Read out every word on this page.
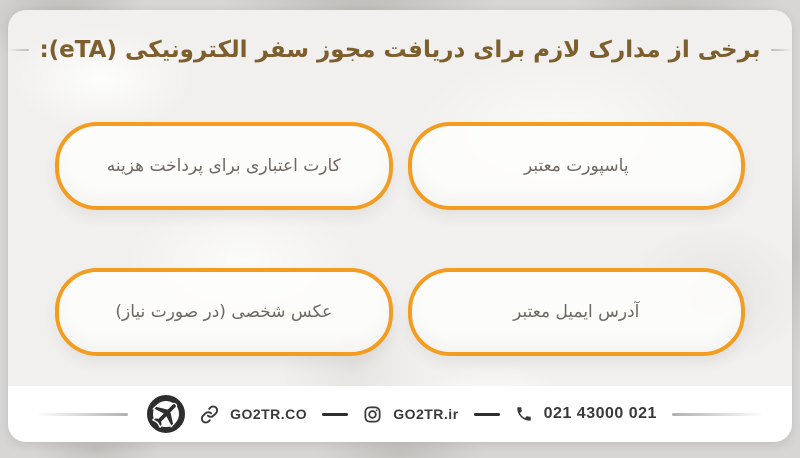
برخی از مدارک لازم برای دریافت مجوز سفر الکترونیکی (eTA):
پاسپورت معتبر
کارت اعتباری برای پرداخت هزینه
آدرس ایمیل معتبر
عکس شخصی (در صورت نیاز)
GO2TR.CO	GO2TR.ir	021 43000 021
